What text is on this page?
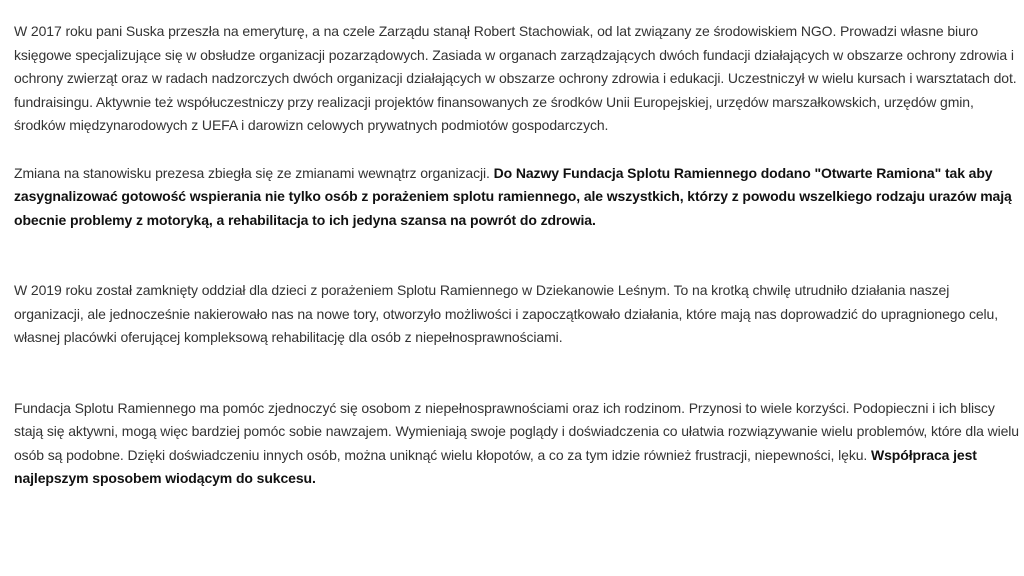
W 2017 roku pani Suska przeszła na emeryturę, a na czele Zarządu stanął Robert Stachowiak, od lat związany ze środowiskiem NGO. Prowadzi własne biuro księgowe specjalizujące się w obsłudze organizacji pozarządowych. Zasiada w organach zarządzających dwóch fundacji działających w obszarze ochrony zdrowia i ochrony zwierząt oraz w radach nadzorczych dwóch organizacji działających w obszarze ochrony zdrowia i edukacji. Uczestniczył w wielu kursach i warsztatach dot. fundraisingu. Aktywnie też współuczestniczy przy realizacji projektów finansowanych ze środków Unii Europejskiej, urzędów marszałkowskich, urzędów gmin, środków międzynarodowych z UEFA i darowizn celowych prywatnych podmiotów gospodarczych.

Zmiana na stanowisku prezesa zbiegła się ze zmianami wewnątrz organizacji. Do Nazwy Fundacja Splotu Ramiennego dodano "Otwarte Ramiona" tak aby zasygnalizować gotowość wspierania nie tylko osób z porażeniem splotu ramiennego, ale wszystkich, którzy z powodu wszelkiego rodzaju urazów mają obecnie problemy z motoryką, a rehabilitacja to ich jedyna szansa na powrót do zdrowia.

W 2019 roku został zamknięty oddział dla dzieci z porażeniem Splotu Ramiennego w Dziekanowie Leśnym. To na krotką chwilę utrudniło działania naszej organizacji, ale jednocześnie nakierowało nas na nowe tory, otworzyło możliwości i zapoczątkowało działania, które mają nas doprowadzić do upragnionego celu, własnej placówki oferującej kompleksową rehabilitację dla osób z niepełnosprawnościami.

Fundacja Splotu Ramiennego ma pomóc zjednoczyć się osobom z niepełnosprawnościami oraz ich rodzinom. Przynosi to wiele korzyści. Podopieczni i ich bliscy stają się aktywni, mogą więc bardziej pomóc sobie nawzajem. Wymieniają swoje poglądy i doświadczenia co ułatwia rozwiązywanie wielu problemów, które dla wielu osób są podobne. Dzięki doświadczeniu innych osób, można uniknąć wielu kłopotów, a co za tym idzie również frustracji, niepewności, lęku. Współpraca jest najlepszym sposobem wiodącym do sukcesu.
